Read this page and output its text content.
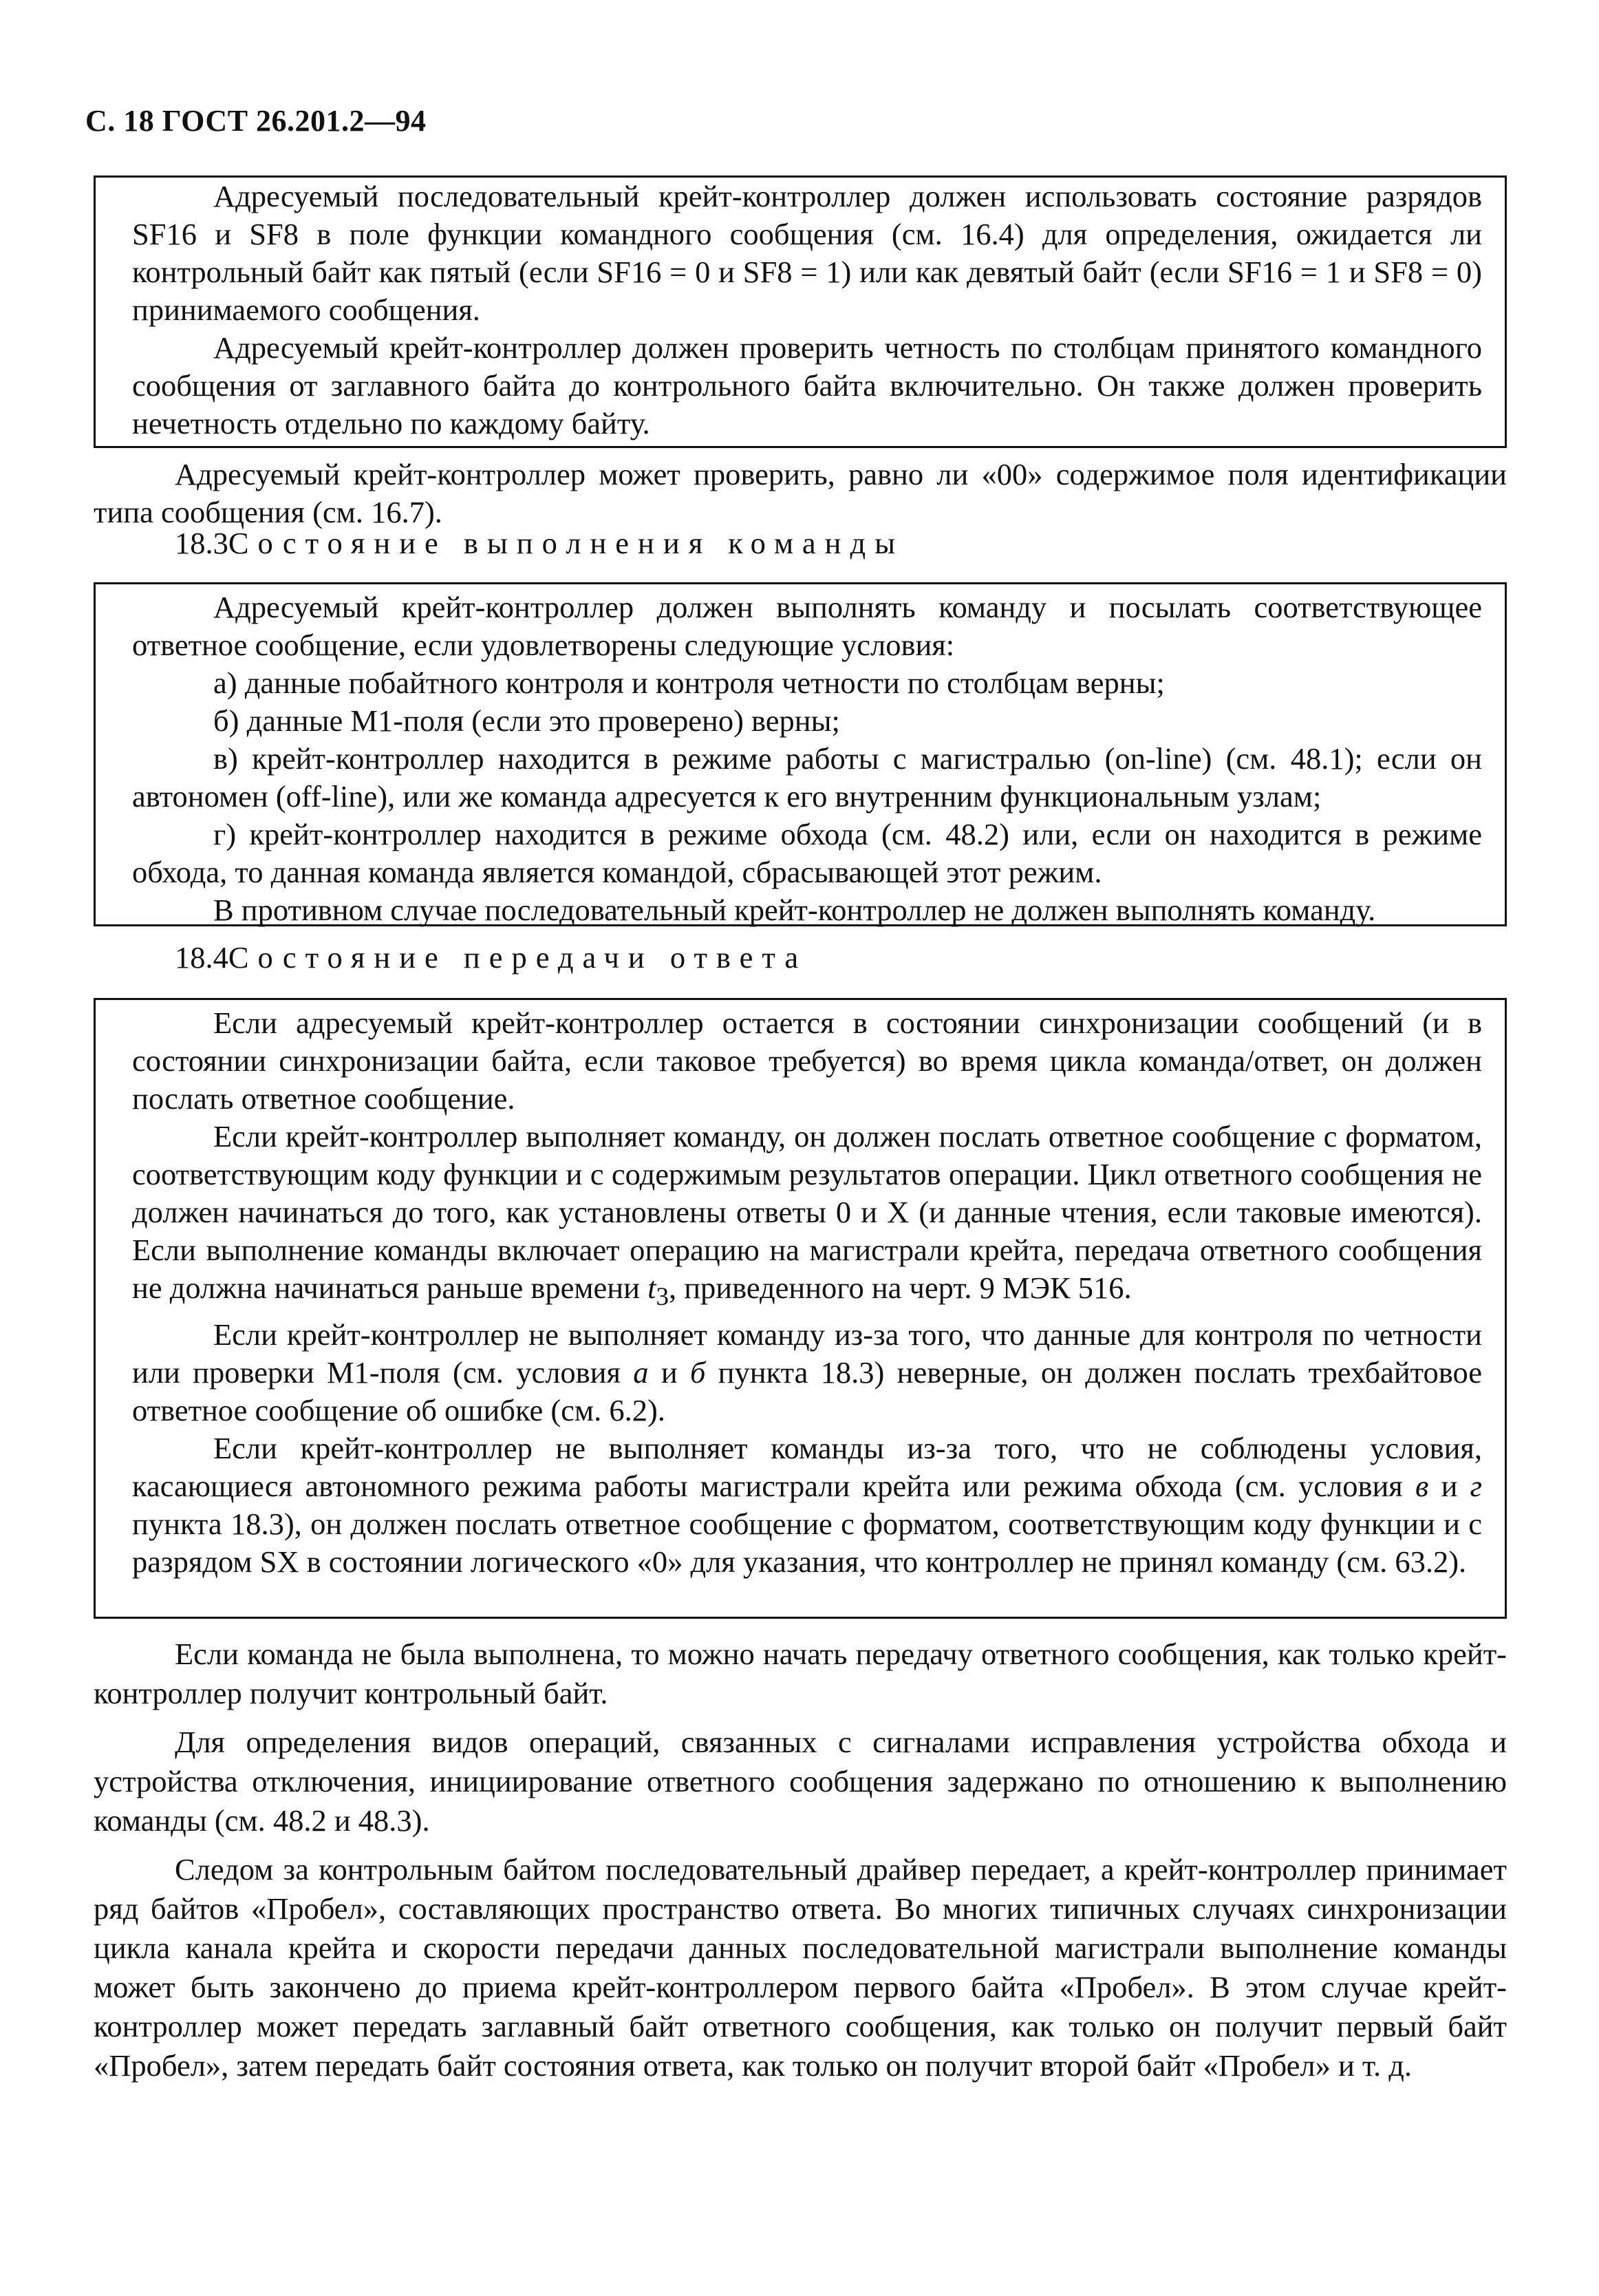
С. 18 ГОСТ 26.201.2—94

Адресуемый последовательный крейт-контроллер должен использовать состояние разрядов SF16 и SF8 в поле функции командного сообщения (см. 16.4) для определения, ожидается ли контрольный байт как пятый (если SF16 = 0 и SF8 = 1) или как девятый байт (если SF16 = 1 и SF8 = 0) принимаемого сообщения.

Адресуемый крейт-контроллер должен проверить четность по столбцам принятого командного сообщения от заглавного байта до контрольного байта включительно. Он также должен проверить нечетность отдельно по каждому байту.

Адресуемый крейт-контроллер может проверить, равно ли «00» содержимое поля идентификации типа сообщения (см. 16.7).

18.3Состояние выполнения команды

Адресуемый крейт-контроллер должен выполнять команду и посылать соответствующее ответное сообщение, если удовлетворены следующие условия:

а) данные побайтного контроля и контроля четности по столбцам верны;

б) данные М1-поля (если это проверено) верны;

в) крейт-контроллер находится в режиме работы с магистралью (on-line) (см. 48.1); если он автономен (off-line), или же команда адресуется к его внутренним функциональным узлам;

г) крейт-контроллер находится в режиме обхода (см. 48.2) или, если он находится в режиме обхода, то данная команда является командой, сбрасывающей этот режим.

В противном случае последовательный крейт-контроллер не должен выполнять команду.

18.4Состояние передачи ответа

Если адресуемый крейт-контроллер остается в состоянии синхронизации сообщений (и в состоянии синхронизации байта, если таковое требуется) во время цикла команда/ответ, он должен послать ответное сообщение.

Если крейт-контроллер выполняет команду, он должен послать ответное сообщение с форматом, соответствующим коду функции и с содержимым результатов операции. Цикл ответного сообщения не должен начинаться до того, как установлены ответы 0 и Х (и данные чтения, если таковые имеются). Если выполнение команды включает операцию на магистрали крейта, передача ответного сообщения не должна начинаться раньше времени $t_3$, приведенного на черт. 9 МЭК 516.

Если крейт-контроллер не выполняет команду из-за того, что данные для контроля по четности или проверки М1-поля (см. условия а и б пункта 18.3) неверные, он должен послать трехбайтовое ответное сообщение об ошибке (см. 6.2).

Если крейт-контроллер не выполняет команды из-за того, что не соблюдены условия, касающиеся автономного режима работы магистрали крейта или режима обхода (см. условия в и г пункта 18.3), он должен послать ответное сообщение с форматом, соответствующим коду функции и с разрядом SX в состоянии логического «0» для указания, что контроллер не принял команду (см. 63.2).

Если команда не была выполнена, то можно начать передачу ответного сообщения, как только крейт-контроллер получит контрольный байт.

Для определения видов операций, связанных с сигналами исправления устройства обхода и устройства отключения, инициирование ответного сообщения задержано по отношению к выполнению команды (см. 48.2 и 48.3).

Следом за контрольным байтом последовательный драйвер передает, а крейт-контроллер принимает ряд байтов «Пробел», составляющих пространство ответа. Во многих типичных случаях синхронизации цикла канала крейта и скорости передачи данных последовательной магистрали выполнение команды может быть закончено до приема крейт-контроллером первого байта «Пробел». В этом случае крейт-контроллер может передать заглавный байт ответного сообщения, как только он получит первый байт «Пробел», затем передать байт состояния ответа, как только он получит второй байт «Пробел» и т. д.
